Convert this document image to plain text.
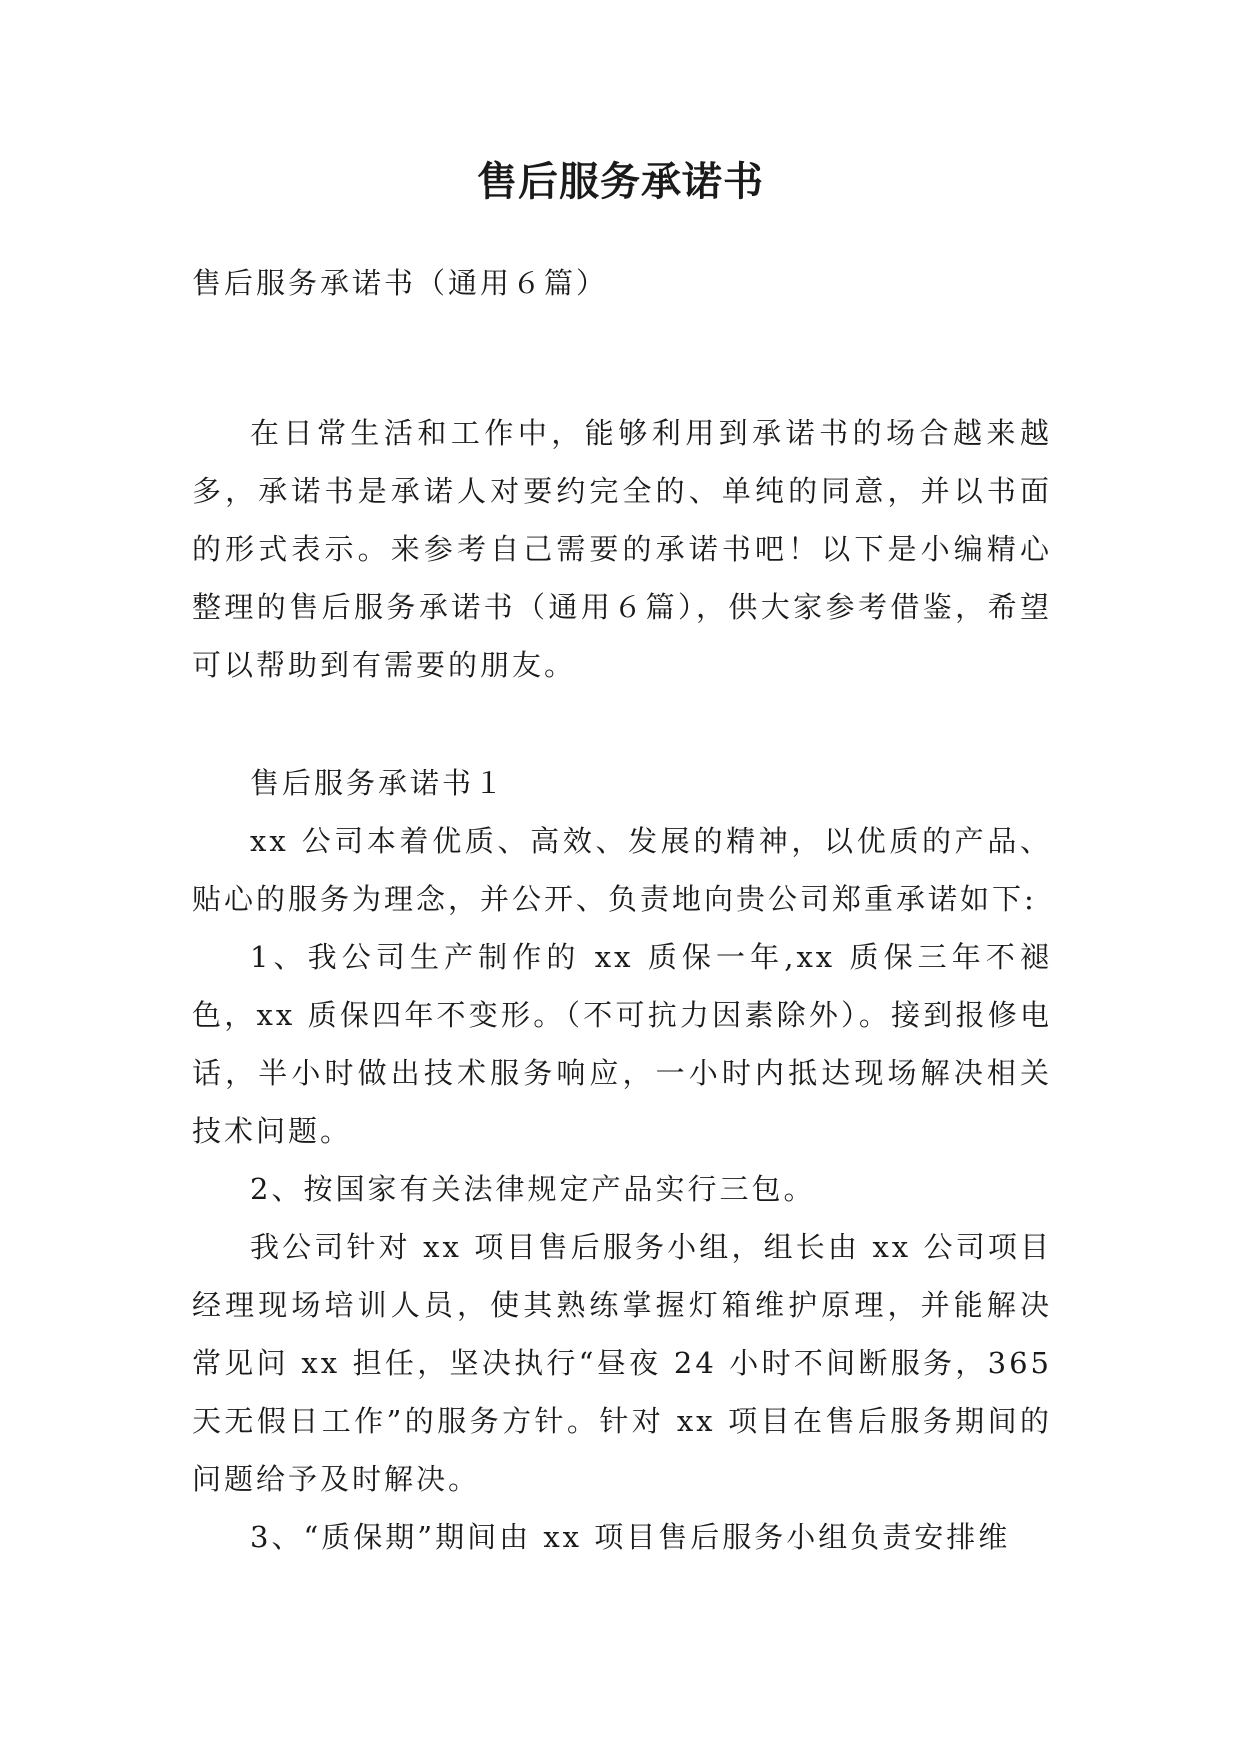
售后服务承诺书
售后服务承诺书（通用６篇）

在日常生活和工作中，能够利用到承诺书的场合越来越多，承诺书是承诺人对要约完全的、单纯的同意，并以书面的形式表示。来参考自己需要的承诺书吧！以下是小编精心整理的售后服务承诺书（通用６篇），供大家参考借鉴，希望可以帮助到有需要的朋友。

售后服务承诺书１

xx 公司本着优质、高效、发展的精神，以优质的产品、贴心的服务为理念，并公开、负责地向贵公司郑重承诺如下:

1、我公司生产制作的 xx 质保一年,xx 质保三年不褪色，xx 质保四年不变形。（不可抗力因素除外）。接到报修电话，半小时做出技术服务响应，一小时内抵达现场解决相关技术问题。

2、按国家有关法律规定产品实行三包。

我公司针对 xx 项目售后服务小组，组长由 xx 公司项目经理现场培训人员，使其熟练掌握灯箱维护原理，并能解决常见问 xx 担任，坚决执行“昼夜 24 小时不间断服务，365 天无假日工作”的服务方针。针对 xx 项目在售后服务期间的问题给予及时解决。

3、“质保期”期间由 xx 项目售后服务小组负责安排维
